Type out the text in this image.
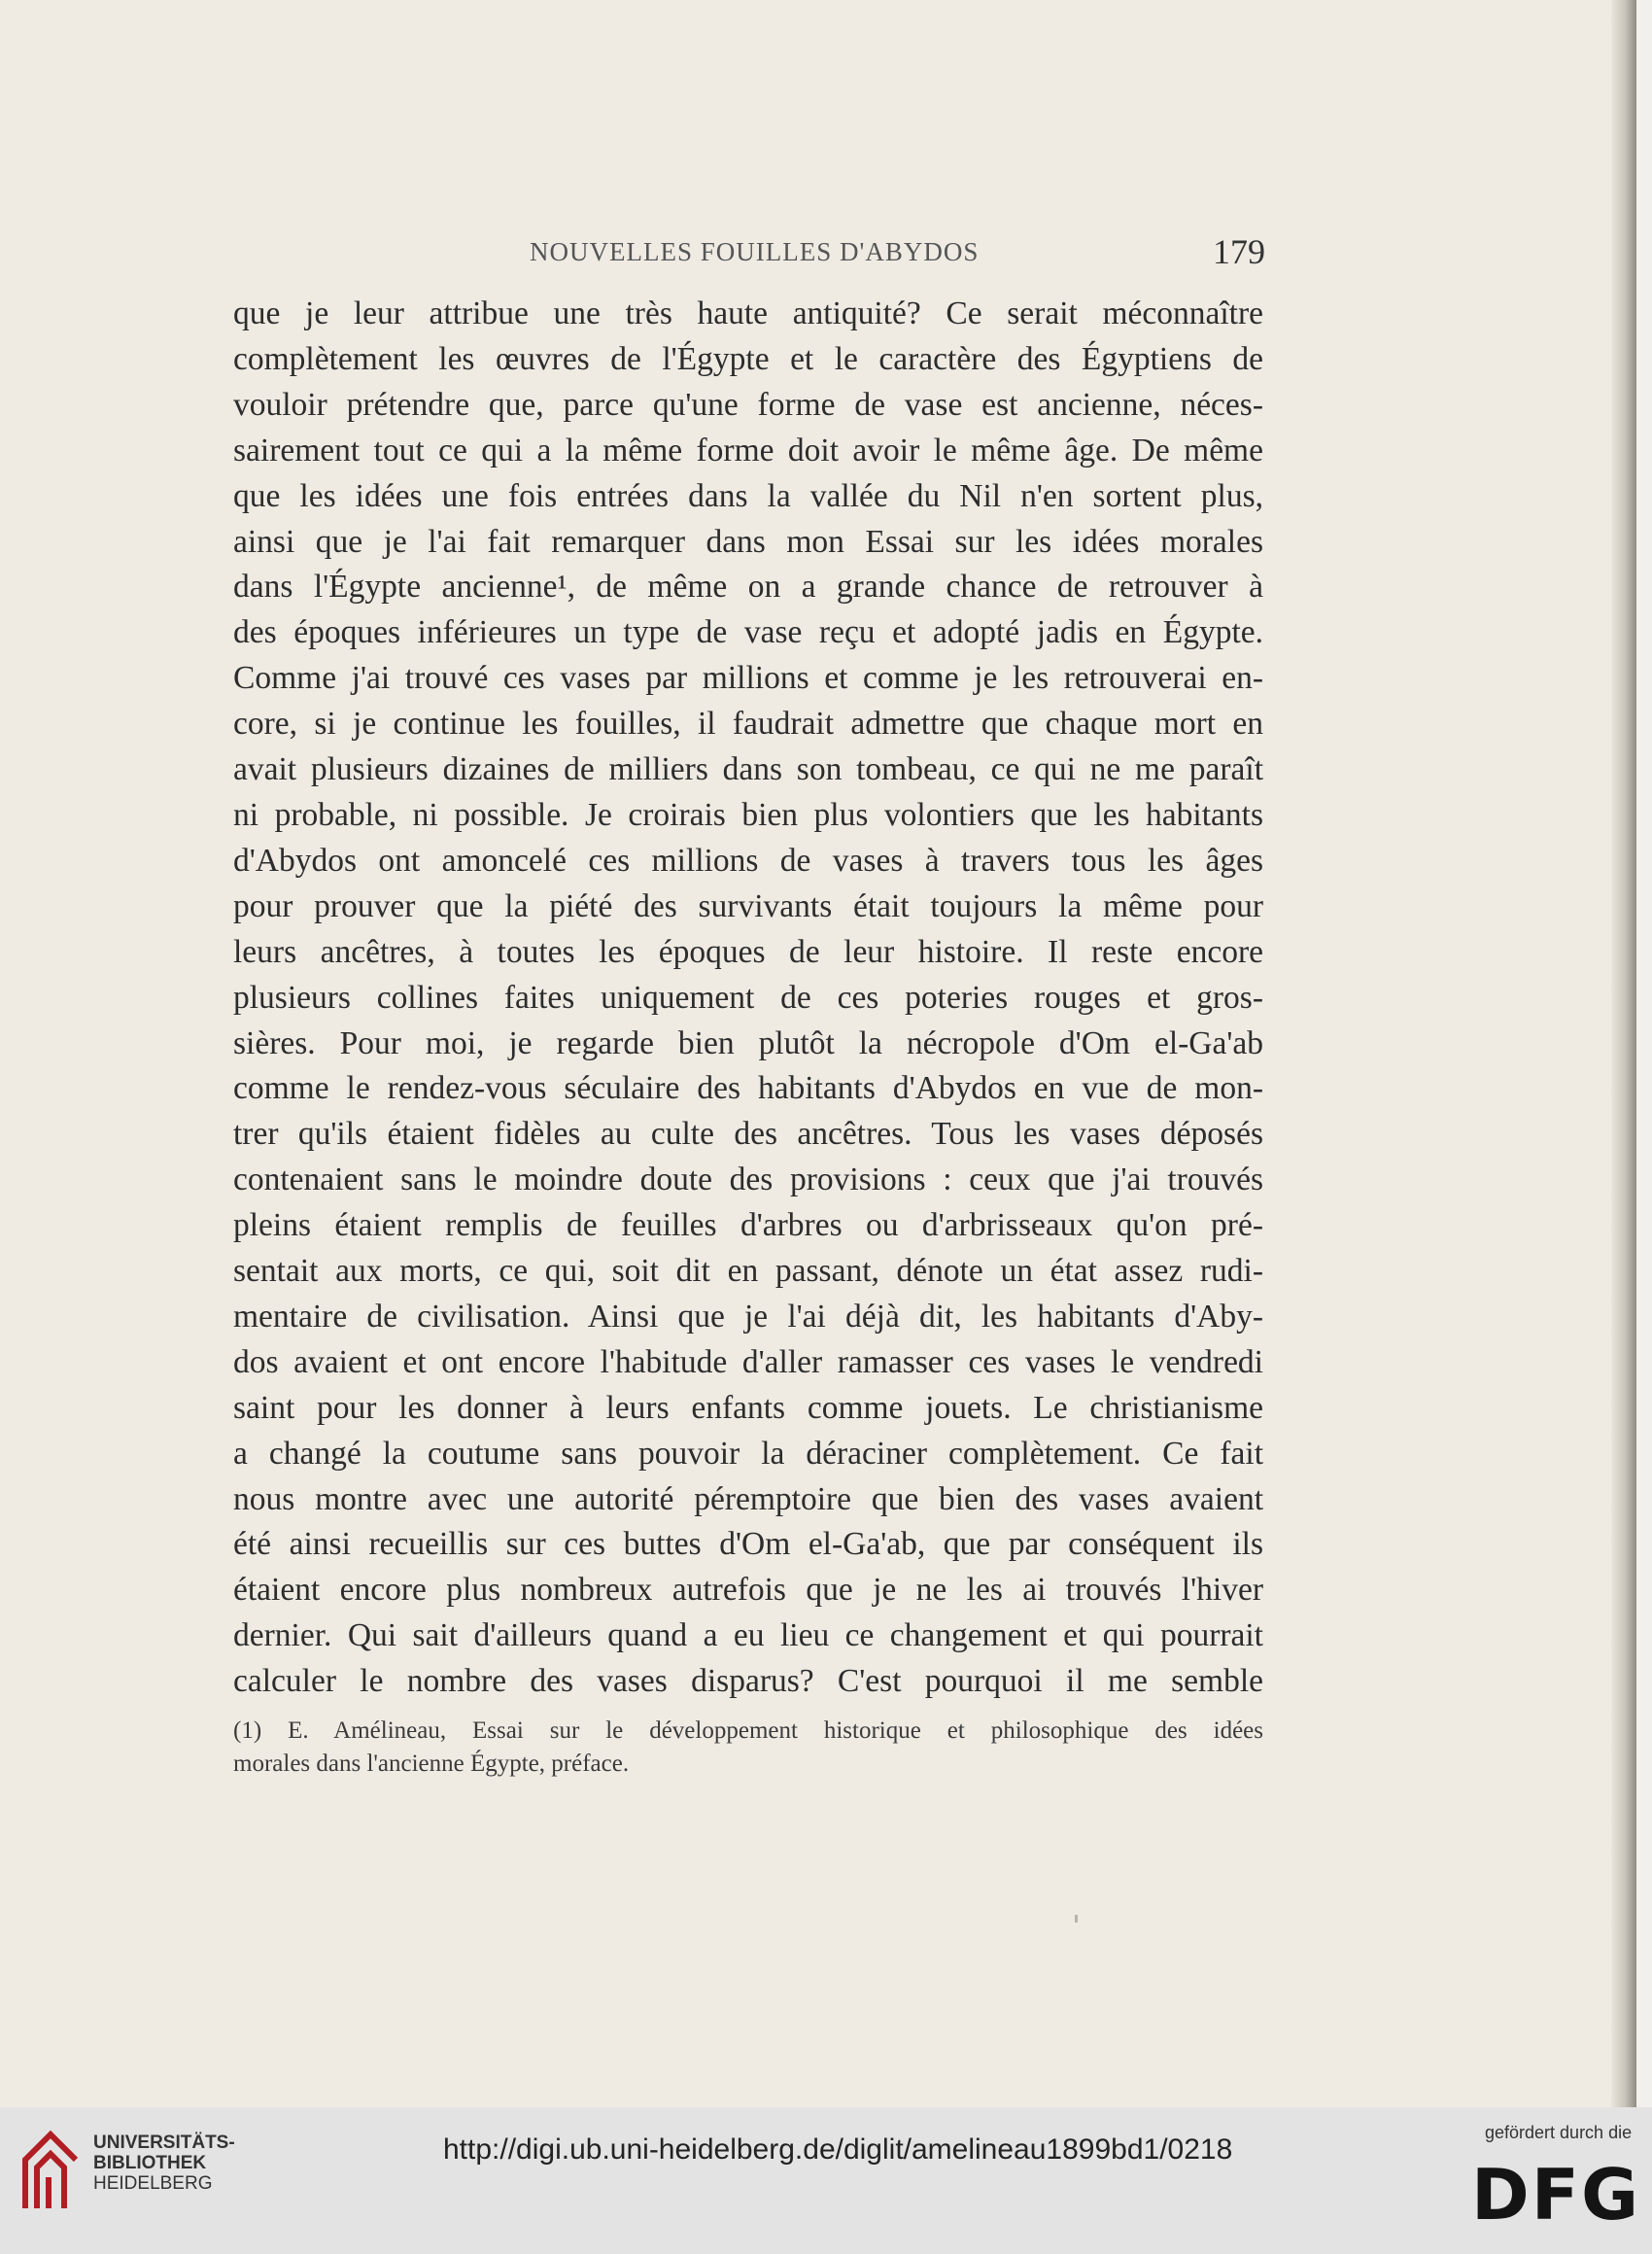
NOUVELLES FOUILLES D'ABYDOS	179
que je leur attribue une très haute antiquité? Ce serait méconnaître
complètement les œuvres de l'Égypte et le caractère des Égyptiens de
vouloir prétendre que, parce qu'une forme de vase est ancienne, néces-
sairement tout ce qui a la même forme doit avoir le même âge. De même
que les idées une fois entrées dans la vallée du Nil n'en sortent plus,
ainsi que je l'ai fait remarquer dans mon Essai sur les idées morales
dans l'Égypte ancienne¹, de même on a grande chance de retrouver à
des époques inférieures un type de vase reçu et adopté jadis en Égypte.
Comme j'ai trouvé ces vases par millions et comme je les retrouverai en-
core, si je continue les fouilles, il faudrait admettre que chaque mort en
avait plusieurs dizaines de milliers dans son tombeau, ce qui ne me paraît
ni probable, ni possible. Je croirais bien plus volontiers que les habitants
d'Abydos ont amoncelé ces millions de vases à travers tous les âges
pour prouver que la piété des survivants était toujours la même pour
leurs ancêtres, à toutes les époques de leur histoire. Il reste encore
plusieurs collines faites uniquement de ces poteries rouges et gros-
sières. Pour moi, je regarde bien plutôt la nécropole d'Om el-Ga'ab
comme le rendez-vous séculaire des habitants d'Abydos en vue de mon-
trer qu'ils étaient fidèles au culte des ancêtres. Tous les vases déposés
contenaient sans le moindre doute des provisions : ceux que j'ai trouvés
pleins étaient remplis de feuilles d'arbres ou d'arbrisseaux qu'on pré-
sentait aux morts, ce qui, soit dit en passant, dénote un état assez rudi-
mentaire de civilisation. Ainsi que je l'ai déjà dit, les habitants d'Aby-
dos avaient et ont encore l'habitude d'aller ramasser ces vases le vendredi
saint pour les donner à leurs enfants comme jouets. Le christianisme
a changé la coutume sans pouvoir la déraciner complètement. Ce fait
nous montre avec une autorité péremptoire que bien des vases avaient
été ainsi recueillis sur ces buttes d'Om el-Ga'ab, que par conséquent ils
étaient encore plus nombreux autrefois que je ne les ai trouvés l'hiver
dernier. Qui sait d'ailleurs quand a eu lieu ce changement et qui pourrait
calculer le nombre des vases disparus? C'est pourquoi il me semble
(1) E. Amélineau, Essai sur le développement historique et philosophique des idées
morales dans l'ancienne Égypte, préface.
UNIVERSITÄTS-
BIBLIOTHEK
HEIDELBERG
http://digi.ub.uni-heidelberg.de/diglit/amelineau1899bd1/0218
gefördert durch die
DFG
